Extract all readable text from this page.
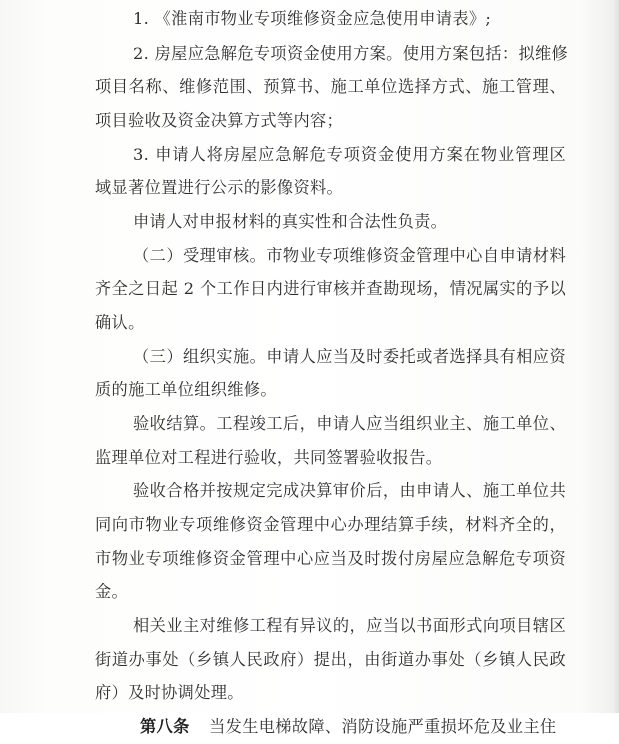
1. 《淮南市物业专项维修资金应急使用申请表》;
2. 房屋应急解危专项资金使用方案。使用方案包括：拟维修
项目名称、维修范围、预算书、施工单位选择方式、施工管理、
项目验收及资金决算方式等内容；
3. 申请人将房屋应急解危专项资金使用方案在物业管理区
域显著位置进行公示的影像资料。
申请人对申报材料的真实性和合法性负责。
（二）受理审核。市物业专项维修资金管理中心自申请材料
齐全之日起 2 个工作日内进行审核并查勘现场，情况属实的予以
确认。
（三）组织实施。申请人应当及时委托或者选择具有相应资
质的施工单位组织维修。
验收结算。工程竣工后，申请人应当组织业主、施工单位、
监理单位对工程进行验收，共同签署验收报告。
验收合格并按规定完成决算审价后，由申请人、施工单位共
同向市物业专项维修资金管理中心办理结算手续，材料齐全的，
市物业专项维修资金管理中心应当及时拨付房屋应急解危专项资
金。
相关业主对维修工程有异议的，应当以书面形式向项目辖区
街道办事处（乡镇人民政府）提出，由街道办事处（乡镇人民政
府）及时协调处理。
第八条 当发生电梯故障、消防设施严重损坏危及业主住
